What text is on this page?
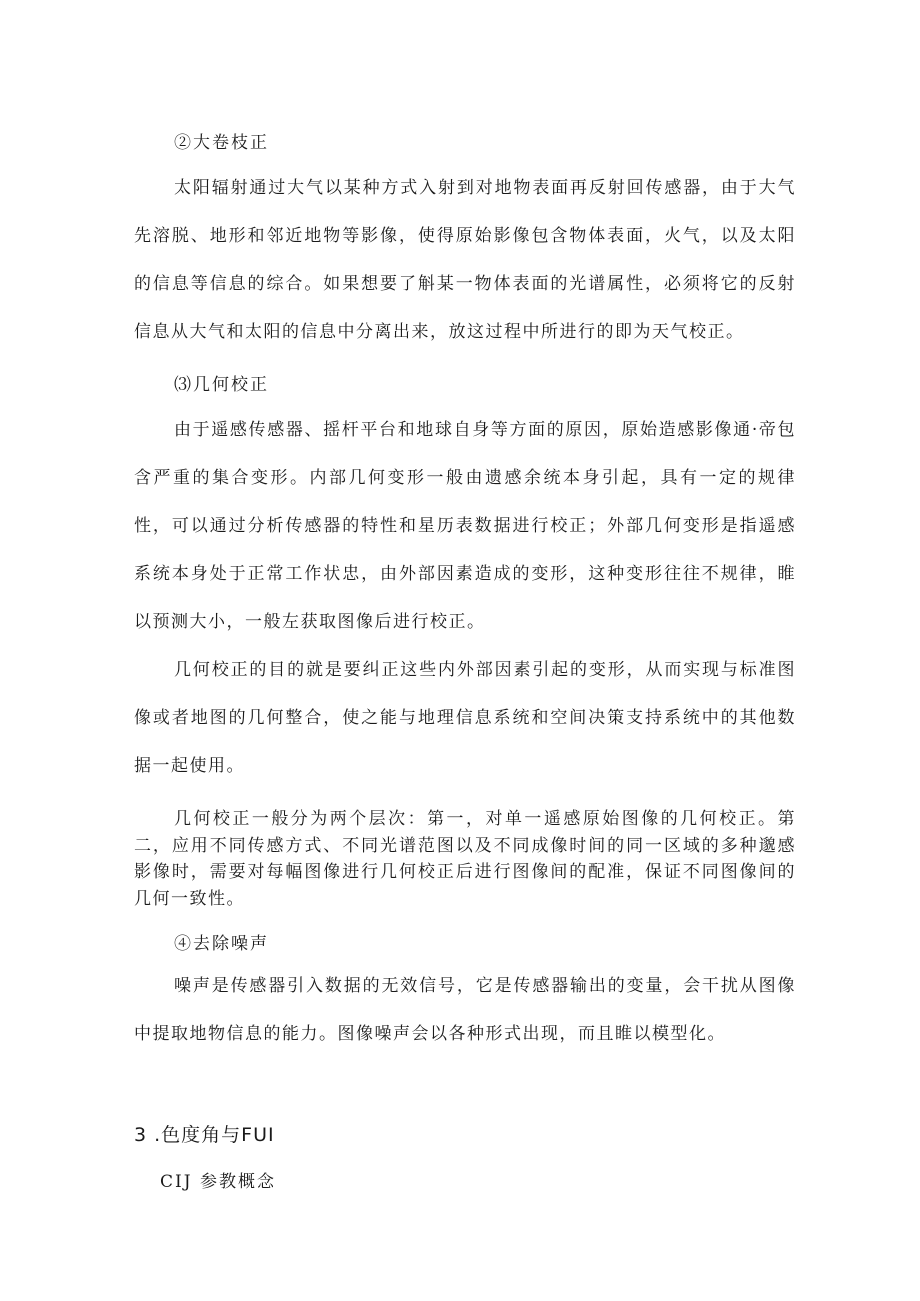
②大卷枝正

太阳辐射通过大气以某种方式入射到对地物表面再反射回传感器，由于大气先溶脱、地形和邻近地物等影像，使得原始影像包含物体表面，火气，以及太阳的信息等信息的综合。如果想要了斛某一物体表面的光谱属性，必须将它的反射信息从大气和太阳的信息中分离出来，放这过程中所进行的即为天气校正。

⑶几何校正

由于遥感传感器、摇杆平台和地球自身等方面的原因，原始造感影像通·帝包含严重的集合变形。内部几何变形一般由遗感余统本身引起，具有一定的规律性，可以通过分析传感器的特性和星历表数据进行校正；外部几何变形是指遥感系统本身处于正常工作状忠，由外部因素造成的变形，这种变形往往不规律，睢以预测大小，一般左获取图像后进行校正。

几何校正的目的就是要纠正这些内外部因素引起的变形，从而实现与标准图像或者地图的几何整合，使之能与地理信息系统和空间决策支持系统中的其他数据一起使用。

几何校正一般分为两个层次：第一，对单一遥感原始图像的几何校正。第二，应用不同传感方式、不同光谱范图以及不同成像时间的同一区域的多种邈感影像时，需要对每幅图像进行几何校正后进行图像间的配准，保证不同图像间的几何一致性。

④去除噪声

噪声是传感器引入数据的无效信号，它是传感器输出的变量，会干扰从图像中提取地物信息的能力。图像噪声会以各种形式出现，而且睢以模型化。

3 .色度角与FUI
CIJ 参教概念
